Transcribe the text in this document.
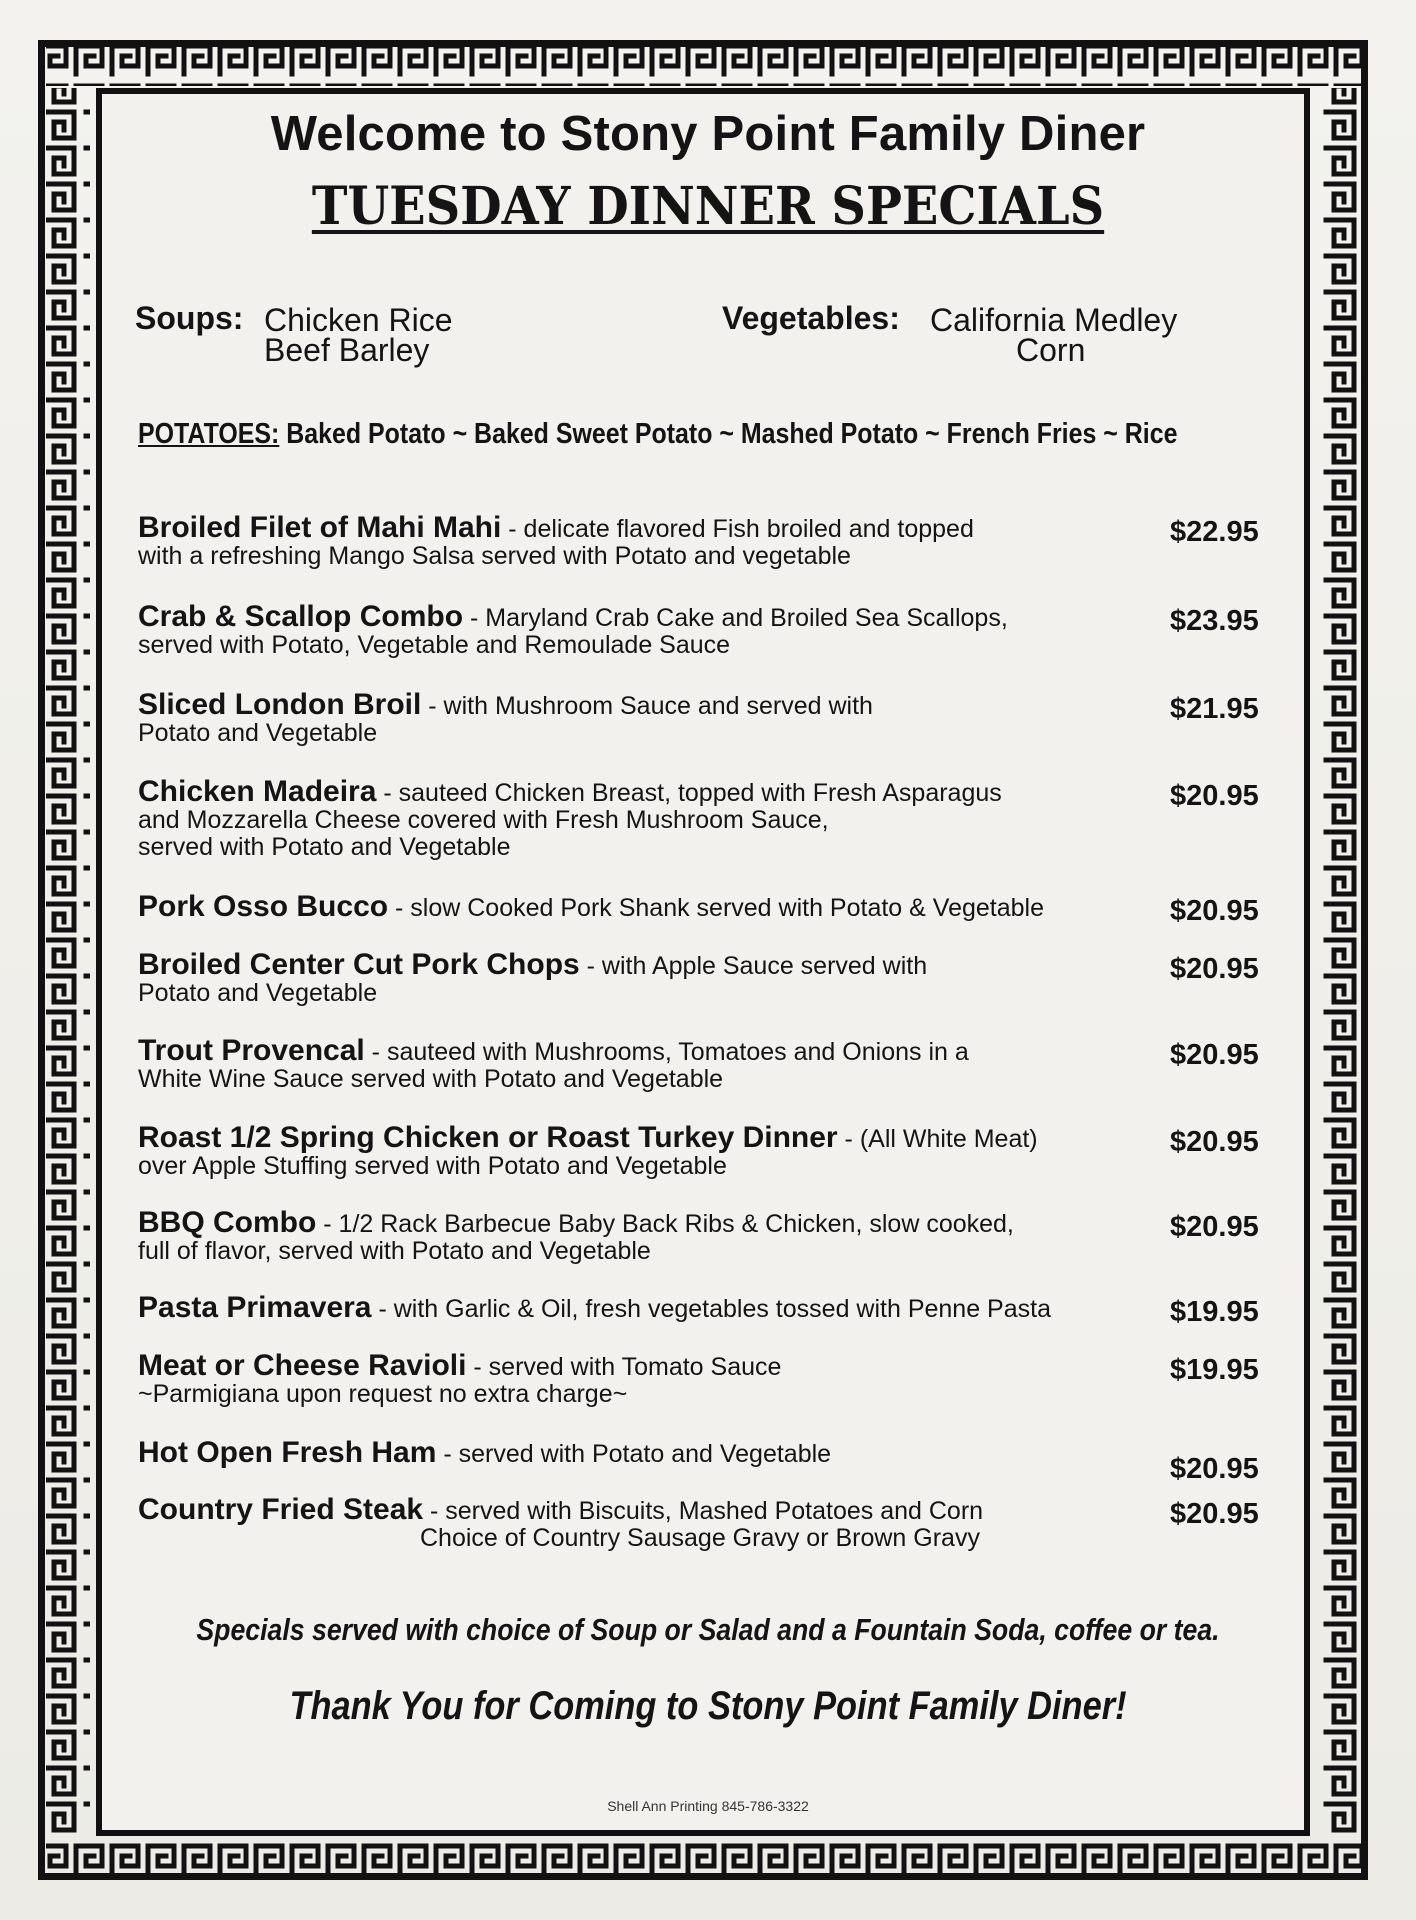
Welcome to Stony Point Family Diner
TUESDAY DINNER SPECIALS
Soups: Chicken Rice
Beef Barley
Vegetables: California Medley
Corn
POTATOES: Baked Potato ~ Baked Sweet Potato ~ Mashed Potato ~ French Fries ~ Rice
Broiled Filet of Mahi Mahi - delicate flavored Fish broiled and topped
with a refreshing Mango Salsa served with Potato and vegetable
$22.95
Crab & Scallop Combo - Maryland Crab Cake and Broiled Sea Scallops,
served with Potato, Vegetable and Remoulade Sauce
$23.95
Sliced London Broil - with Mushroom Sauce and served with
Potato and Vegetable
$21.95
Chicken Madeira - sauteed Chicken Breast, topped with Fresh Asparagus
and Mozzarella Cheese covered with Fresh Mushroom Sauce,
served with Potato and Vegetable
$20.95
Pork Osso Bucco - slow Cooked Pork Shank served with Potato & Vegetable	$20.95
Broiled Center Cut Pork Chops - with Apple Sauce served with
Potato and Vegetable
$20.95
Trout Provencal - sauteed with Mushrooms, Tomatoes and Onions in a
White Wine Sauce served with Potato and Vegetable
$20.95
Roast 1/2 Spring Chicken or Roast Turkey Dinner - (All White Meat)
over Apple Stuffing served with Potato and Vegetable
$20.95
BBQ Combo - 1/2 Rack Barbecue Baby Back Ribs & Chicken, slow cooked,
full of flavor, served with Potato and Vegetable
$20.95
Pasta Primavera - with Garlic & Oil, fresh vegetables tossed with Penne Pasta	$19.95
Meat or Cheese Ravioli - served with Tomato Sauce
~Parmigiana upon request no extra charge~
$19.95
Hot Open Fresh Ham - served with Potato and Vegetable	$20.95
Country Fried Steak - served with Biscuits, Mashed Potatoes and Corn
Choice of Country Sausage Gravy or Brown Gravy
$20.95
Specials served with choice of Soup or Salad and a Fountain Soda, coffee or tea.
Thank You for Coming to Stony Point Family Diner!
Shell Ann Printing 845-786-3322
